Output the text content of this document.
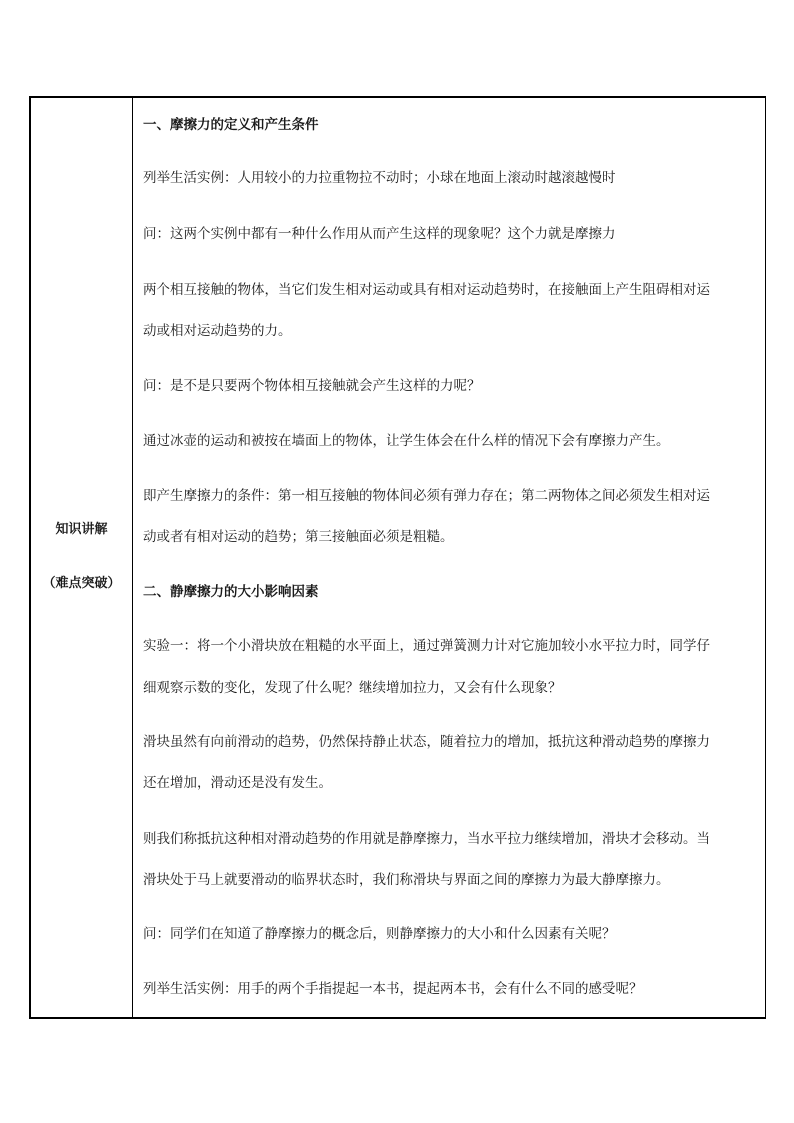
知识讲解
（难点突破）

一、摩擦力的定义和产生条件
列举生活实例：人用较小的力拉重物拉不动时；小球在地面上滚动时越滚越慢时
问：这两个实例中都有一种什么作用从而产生这样的现象呢？这个力就是摩擦力
两个相互接触的物体，当它们发生相对运动或具有相对运动趋势时，在接触面上产生阻碍相对运
动或相对运动趋势的力。
问：是不是只要两个物体相互接触就会产生这样的力呢？
通过冰壶的运动和被按在墙面上的物体，让学生体会在什么样的情况下会有摩擦力产生。
即产生摩擦力的条件：第一相互接触的物体间必须有弹力存在；第二两物体之间必须发生相对运
动或者有相对运动的趋势；第三接触面必须是粗糙。
二、静摩擦力的大小影响因素
实验一：将一个小滑块放在粗糙的水平面上，通过弹簧测力计对它施加较小水平拉力时，同学仔
细观察示数的变化，发现了什么呢？继续增加拉力，又会有什么现象？
滑块虽然有向前滑动的趋势，仍然保持静止状态，随着拉力的增加，抵抗这种滑动趋势的摩擦力
还在增加，滑动还是没有发生。
则我们称抵抗这种相对滑动趋势的作用就是静摩擦力，当水平拉力继续增加，滑块才会移动。当
滑块处于马上就要滑动的临界状态时，我们称滑块与界面之间的摩擦力为最大静摩擦力。
问：同学们在知道了静摩擦力的概念后，则静摩擦力的大小和什么因素有关呢？
列举生活实例：用手的两个手指提起一本书，提起两本书，会有什么不同的感受呢？
